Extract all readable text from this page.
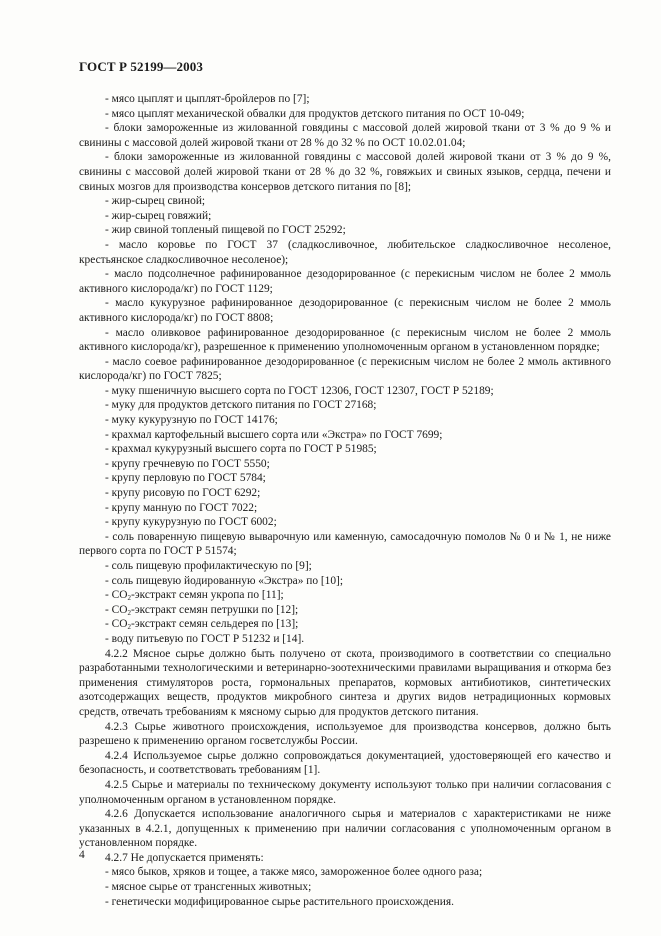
ГОСТ Р 52199—2003

- мясо цыплят и цыплят-бройлеров по [7];

- мясо цыплят механической обвалки для продуктов детского питания по ОСТ 10-049;

- блоки замороженные из жилованной говядины с массовой долей жировой ткани от 3 % до 9 % и свинины с массовой долей жировой ткани от 28 % до 32 % по ОСТ 10.02.01.04;

- блоки замороженные из жилованной говядины с массовой долей жировой ткани от 3 % до 9 %, свинины с массовой долей жировой ткани от 28 % до 32 %, говяжьих и свиных языков, сердца, печени и свиных мозгов для производства консервов детского питания по [8];

- жир-сырец свиной;

- жир-сырец говяжий;

- жир свиной топленый пищевой по ГОСТ 25292;

- масло коровье по ГОСТ 37 (сладкосливочное, любительское сладкосливочное несоленое, крестьянское сладкосливочное несоленое);

- масло подсолнечное рафинированное дезодорированное (с перекисным числом не более 2 ммоль активного кислорода/кг) по ГОСТ 1129;

- масло кукурузное рафинированное дезодорированное (с перекисным числом не более 2 ммоль активного кислорода/кг) по ГОСТ 8808;

- масло оливковое рафинированное дезодорированное (с перекисным числом не более 2 ммоль активного кислорода/кг), разрешенное к применению уполномоченным органом в установленном порядке;

- масло соевое рафинированное дезодорированное (с перекисным числом не более 2 ммоль активного кислорода/кг) по ГОСТ 7825;

- муку пшеничную высшего сорта по ГОСТ 12306, ГОСТ 12307, ГОСТ Р 52189;

- муку для продуктов детского питания по ГОСТ 27168;

- муку кукурузную по ГОСТ 14176;

- крахмал картофельный высшего сорта или «Экстра» по ГОСТ 7699;

- крахмал кукурузный высшего сорта по ГОСТ Р 51985;

- крупу гречневую по ГОСТ 5550;

- крупу перловую по ГОСТ 5784;

- крупу рисовую по ГОСТ 6292;

- крупу манную по ГОСТ 7022;

- крупу кукурузную по ГОСТ 6002;

- соль поваренную пищевую выварочную или каменную, самосадочную помолов № 0 и № 1, не ниже первого сорта по ГОСТ Р 51574;

- соль пищевую профилактическую по [9];

- соль пищевую йодированную «Экстра» по [10];

- $CO_2$-экстракт семян укропа по [11];

- $CO_2$-экстракт семян петрушки по [12];

- $CO_2$-экстракт семян сельдерея по [13];

- воду питьевую по ГОСТ Р 51232 и [14].

4.2.2 Мясное сырье должно быть получено от скота, производимого в соответствии со специально разработанными технологическими и ветеринарно-зоотехническими правилами выращивания и откорма без применения стимуляторов роста, гормональных препаратов, кормовых антибиотиков, синтетических азотсодержащих веществ, продуктов микробного синтеза и других видов нетрадиционных кормовых средств, отвечать требованиям к мясному сырью для продуктов детского питания.

4.2.3 Сырье животного происхождения, используемое для производства консервов, должно быть разрешено к применению органом госветслужбы России.

4.2.4 Используемое сырье должно сопровождаться документацией, удостоверяющей его качество и безопасность, и соответствовать требованиям [1].

4.2.5 Сырье и материалы по техническому документу используют только при наличии согласования с уполномоченным органом в установленном порядке.

4.2.6 Допускается использование аналогичного сырья и материалов с характеристиками не ниже указанных в 4.2.1, допущенных к применению при наличии согласования с уполномоченным органом в установленном порядке.

4.2.7 Не допускается применять:

- мясо быков, хряков и тощее, а также мясо, замороженное более одного раза;

- мясное сырье от трансгенных животных;

- генетически модифицированное сырье растительного происхождения.

4
